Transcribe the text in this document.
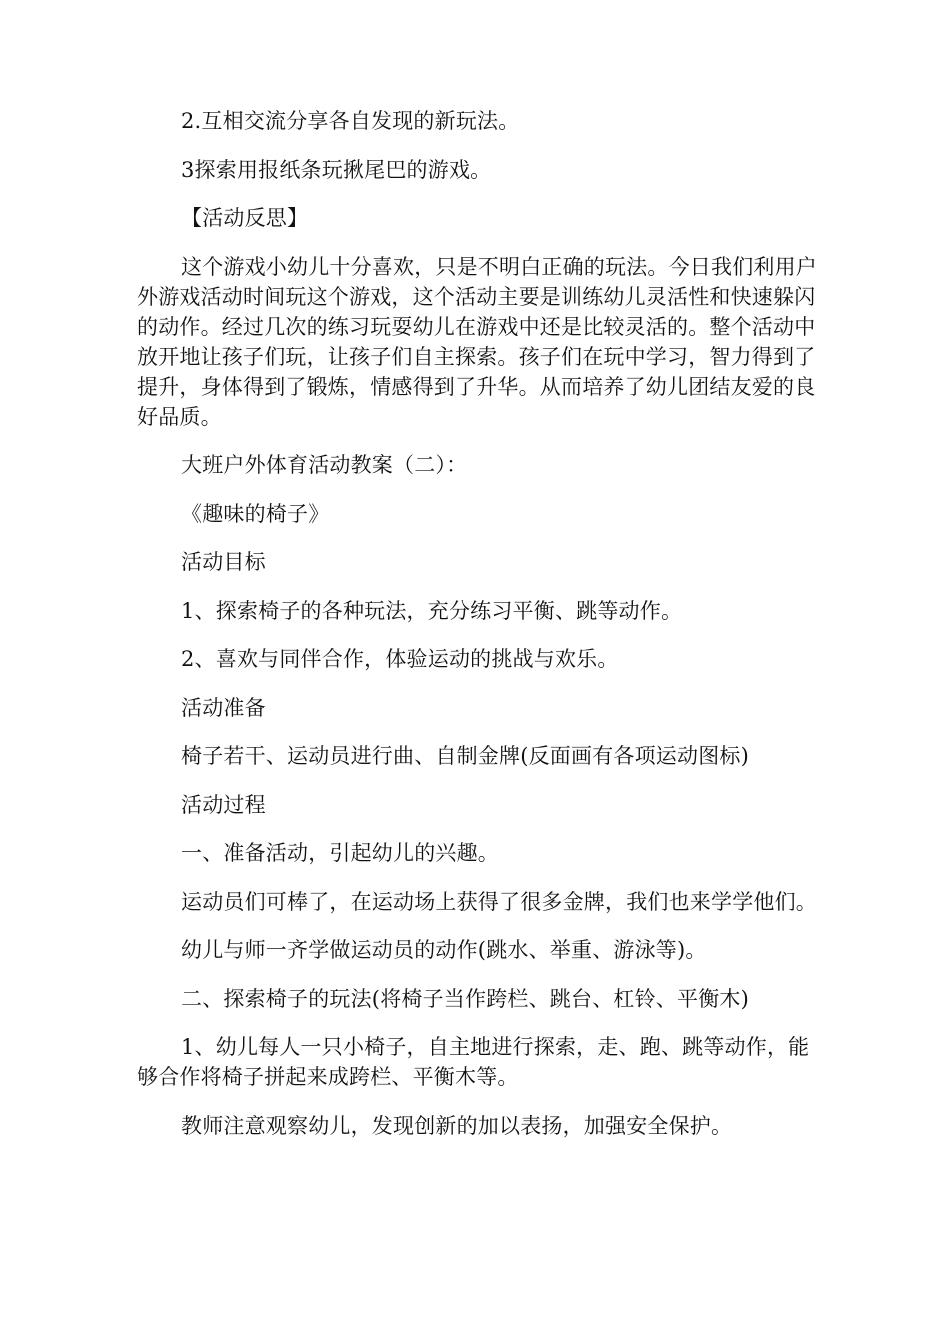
2.互相交流分享各自发现的新玩法。

3探索用报纸条玩揪尾巴的游戏。

【活动反思】

这个游戏小幼儿十分喜欢，只是不明白正确的玩法。今日我们利用户外游戏活动时间玩这个游戏，这个活动主要是训练幼儿灵活性和快速躲闪的动作。经过几次的练习玩耍幼儿在游戏中还是比较灵活的。整个活动中放开地让孩子们玩，让孩子们自主探索。孩子们在玩中学习，智力得到了提升，身体得到了锻炼，情感得到了升华。从而培养了幼儿团结友爱的良好品质。

大班户外体育活动教案（二）：

《趣味的椅子》

活动目标

1、探索椅子的各种玩法，充分练习平衡、跳等动作。

2、喜欢与同伴合作，体验运动的挑战与欢乐。

活动准备

椅子若干、运动员进行曲、自制金牌(反面画有各项运动图标)

活动过程

一、准备活动，引起幼儿的兴趣。

运动员们可棒了，在运动场上获得了很多金牌，我们也来学学他们。

幼儿与师一齐学做运动员的动作(跳水、举重、游泳等)。

二、探索椅子的玩法(将椅子当作跨栏、跳台、杠铃、平衡木)

1、幼儿每人一只小椅子，自主地进行探索，走、跑、跳等动作，能够合作将椅子拼起来成跨栏、平衡木等。

教师注意观察幼儿，发现创新的加以表扬，加强安全保护。
